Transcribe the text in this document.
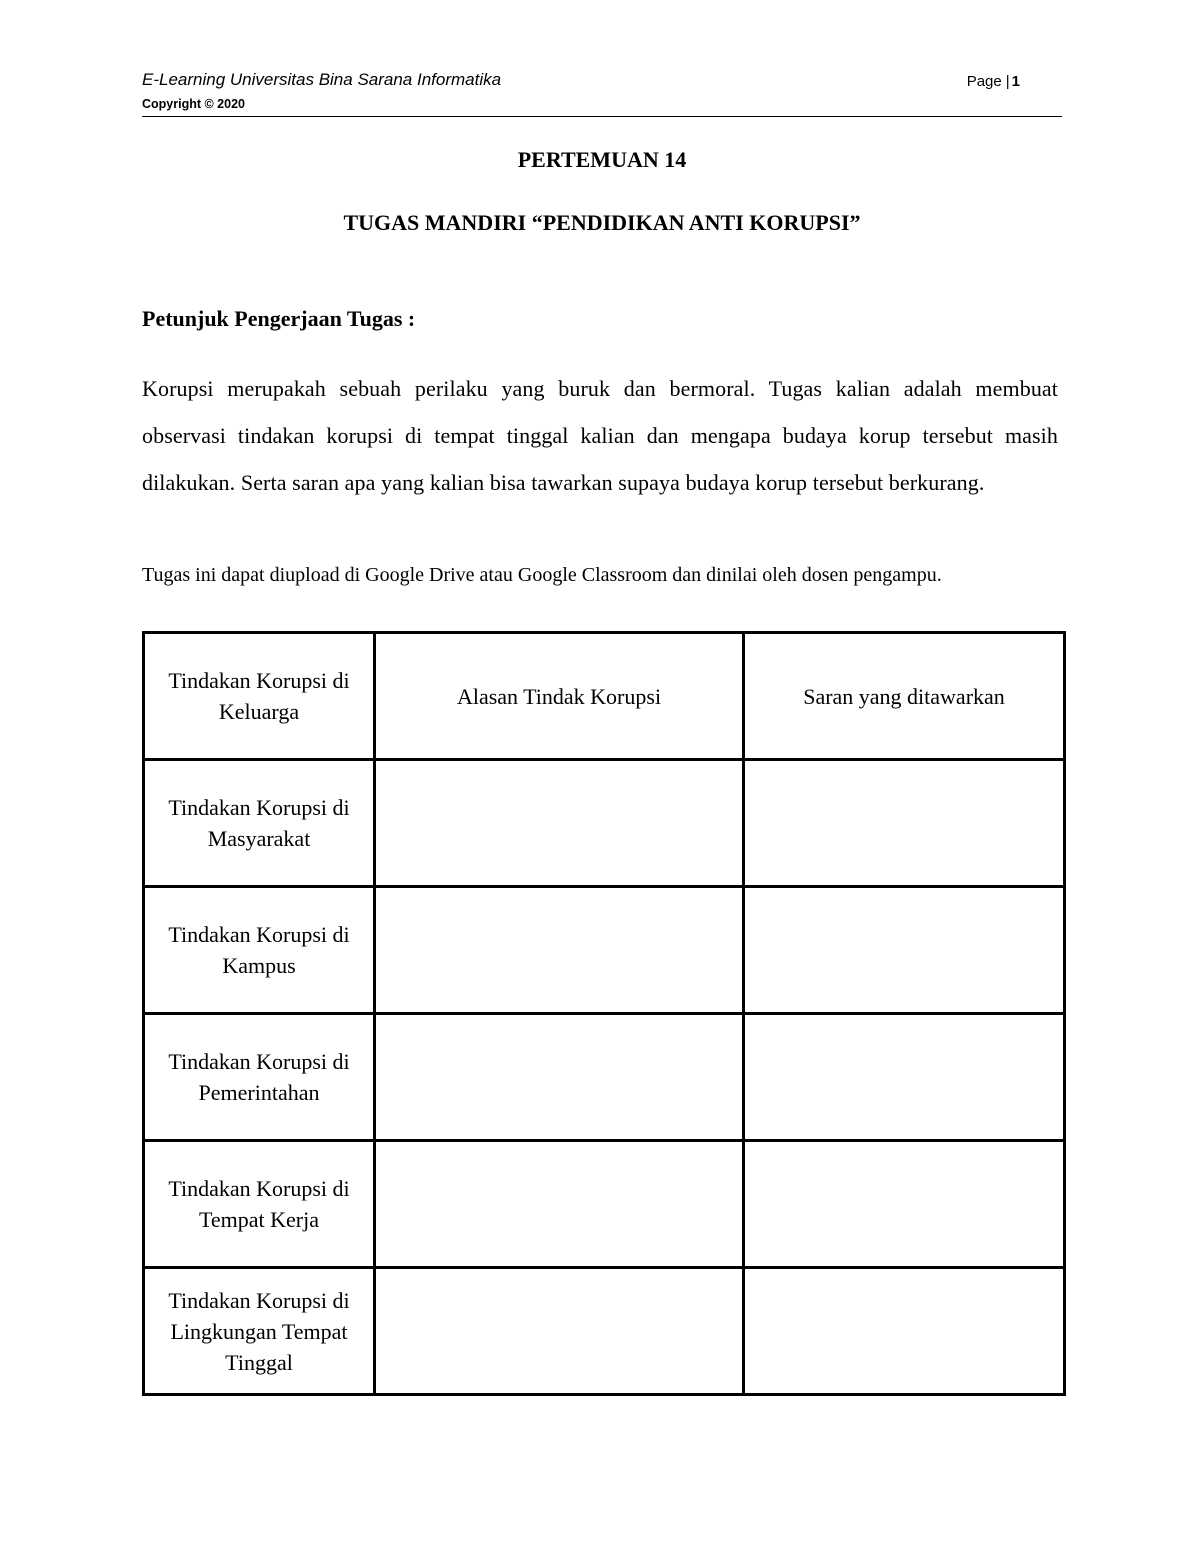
E-Learning Universitas Bina Sarana Informatika
Copyright © 2020
Page | 1
PERTEMUAN 14
TUGAS MANDIRI “PENDIDIKAN ANTI KORUPSI”
Petunjuk Pengerjaan Tugas :
Korupsi merupakah sebuah perilaku yang buruk dan bermoral. Tugas kalian adalah membuat observasi tindakan korupsi di tempat tinggal kalian dan mengapa budaya korup tersebut masih dilakukan. Serta saran apa yang kalian bisa tawarkan supaya budaya korup tersebut berkurang.
Tugas ini dapat diupload di Google Drive atau Google Classroom dan dinilai oleh dosen pengampu.
Tindakan Korupsi di Keluarga	Alasan Tindak Korupsi	Saran yang ditawarkan
Tindakan Korupsi di Masyarakat		
Tindakan Korupsi di Kampus		
Tindakan Korupsi di Pemerintahan		
Tindakan Korupsi di Tempat Kerja		
Tindakan Korupsi di Lingkungan Tempat Tinggal		
